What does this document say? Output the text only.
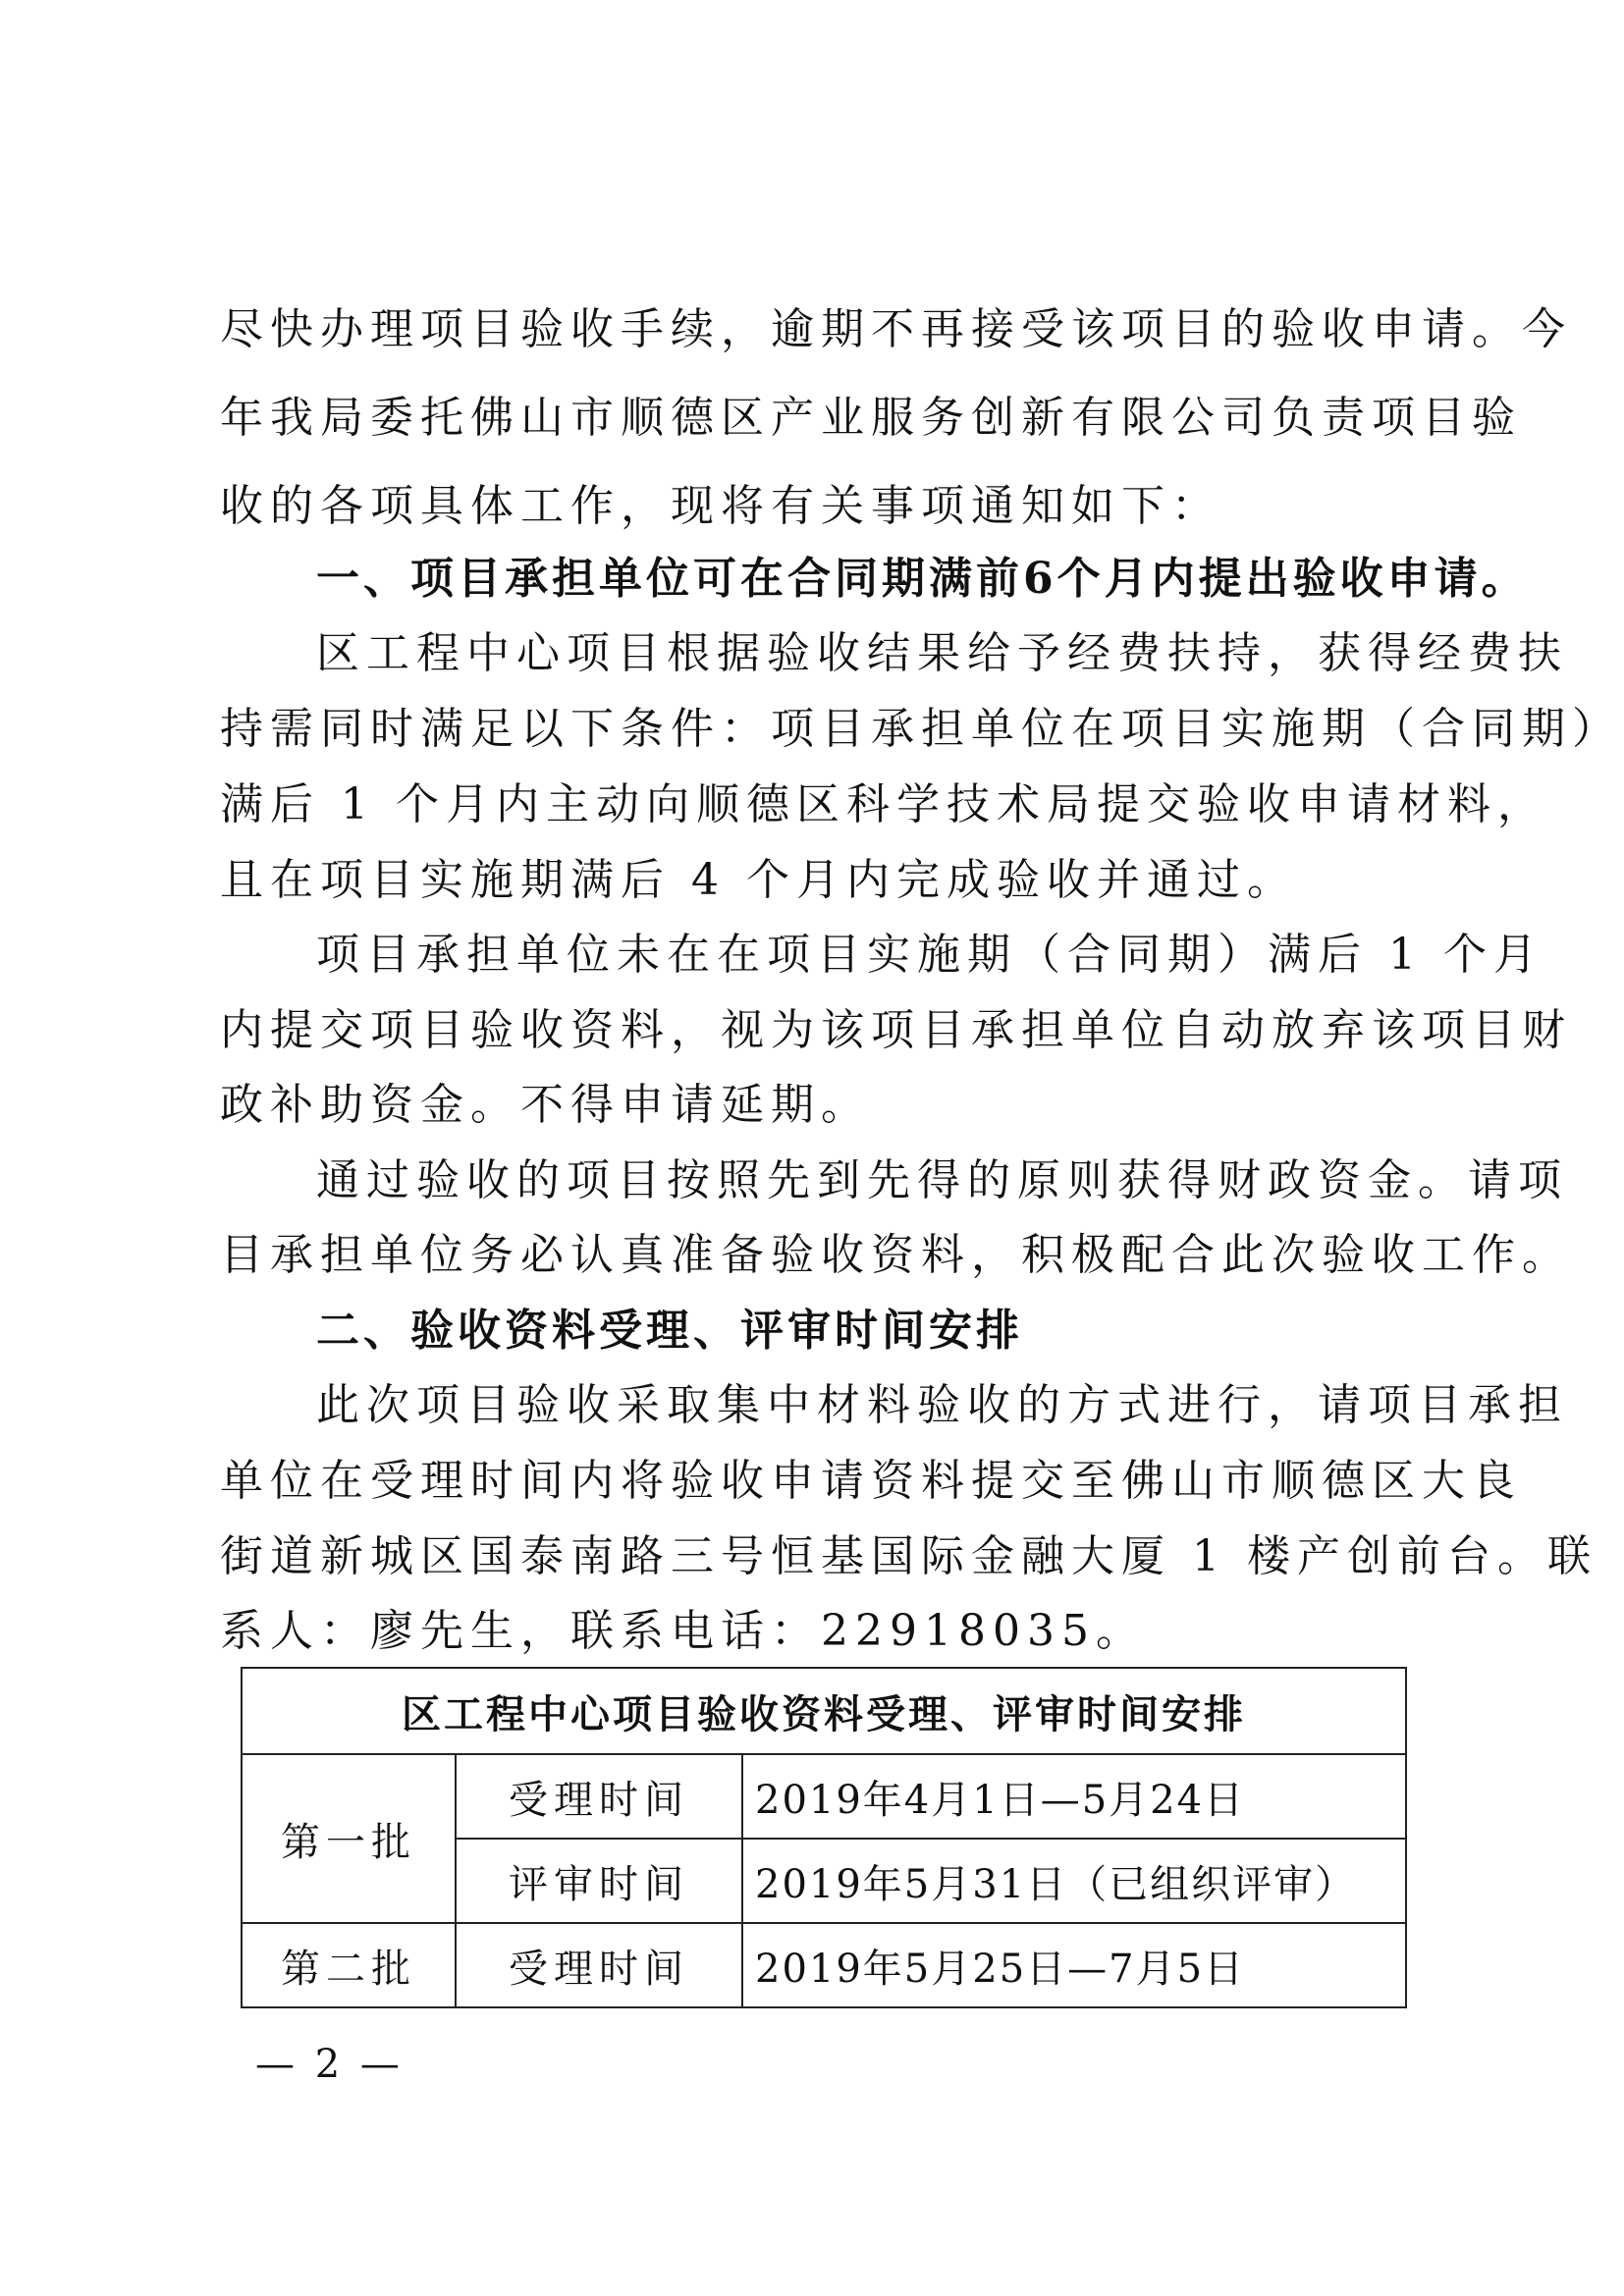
尽快办理项目验收手续，逾期不再接受该项目的验收申请。今
年我局委托佛山市顺德区产业服务创新有限公司负责项目验
收的各项具体工作，现将有关事项通知如下：
一、项目承担单位可在合同期满前6个月内提出验收申请。
区工程中心项目根据验收结果给予经费扶持，获得经费扶
持需同时满足以下条件：项目承担单位在项目实施期（合同期）
满后 1 个月内主动向顺德区科学技术局提交验收申请材料，
且在项目实施期满后 4 个月内完成验收并通过。
项目承担单位未在在项目实施期（合同期）满后 1 个月
内提交项目验收资料，视为该项目承担单位自动放弃该项目财
政补助资金。不得申请延期。
通过验收的项目按照先到先得的原则获得财政资金。请项
目承担单位务必认真准备验收资料，积极配合此次验收工作。
二、验收资料受理、评审时间安排
此次项目验收采取集中材料验收的方式进行，请项目承担
单位在受理时间内将验收申请资料提交至佛山市顺德区大良
街道新城区国泰南路三号恒基国际金融大厦 1 楼产创前台。联
系人：廖先生，联系电话：22918035。
区工程中心项目验收资料受理、评审时间安排		
第一批	受理时间	2019年4月1日—5月24日
	评审时间	2019年5月31日（已组织评审）
第二批	受理时间	2019年5月25日—7月5日
— 2 —
